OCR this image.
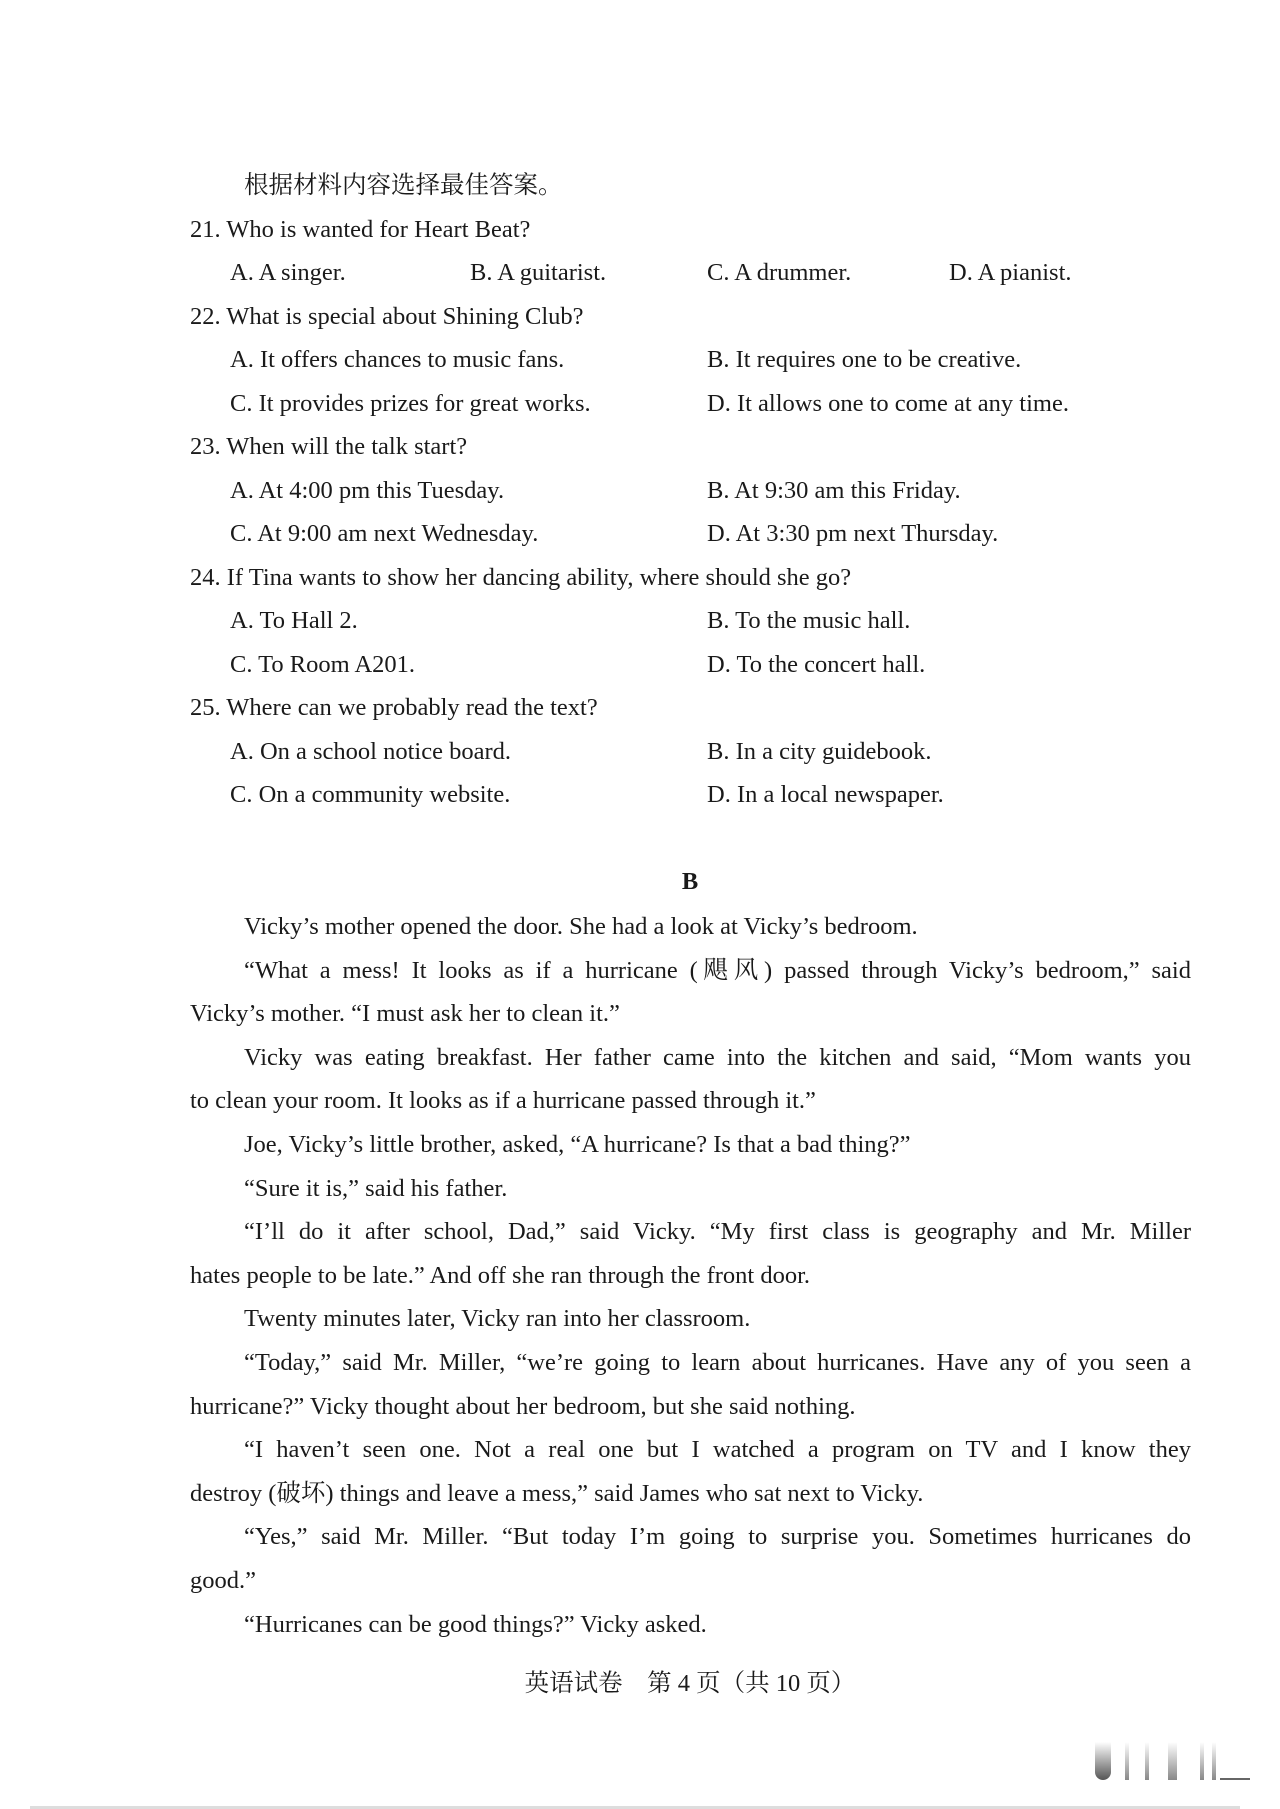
根据材料内容选择最佳答案。
21. Who is wanted for Heart Beat?
A. A singer.	B. A guitarist.	C. A drummer.	D. A pianist.
22. What is special about Shining Club?
A. It offers chances to music fans.	B. It requires one to be creative.
C. It provides prizes for great works.	D. It allows one to come at any time.
23. When will the talk start?
A. At 4:00 pm this Tuesday.	B. At 9:30 am this Friday.
C. At 9:00 am next Wednesday.	D. At 3:30 pm next Thursday.
24. If Tina wants to show her dancing ability, where should she go?
A. To Hall 2.	B. To the music hall.
C. To Room A201.	D. To the concert hall.
25. Where can we probably read the text?
A. On a school notice board.	B. In a city guidebook.
C. On a community website.	D. In a local newspaper.
B
Vicky’s mother opened the door. She had a look at Vicky’s bedroom.
“What a mess! It looks as if a hurricane (飓风) passed through Vicky’s bedroom,” said
Vicky’s mother. “I must ask her to clean it.”
Vicky was eating breakfast. Her father came into the kitchen and said, “Mom wants you
to clean your room. It looks as if a hurricane passed through it.”
Joe, Vicky’s little brother, asked, “A hurricane? Is that a bad thing?”
“Sure it is,” said his father.
“I’ll do it after school, Dad,” said Vicky. “My first class is geography and Mr. Miller
hates people to be late.” And off she ran through the front door.
Twenty minutes later, Vicky ran into her classroom.
“Today,” said Mr. Miller, “we’re going to learn about hurricanes. Have any of you seen a
hurricane?” Vicky thought about her bedroom, but she said nothing.
“I haven’t seen one. Not a real one but I watched a program on TV and I know they
destroy (破坏) things and leave a mess,” said James who sat next to Vicky.
“Yes,” said Mr. Miller. “But today I’m going to surprise you. Sometimes hurricanes do
good.”
“Hurricanes can be good things?” Vicky asked.
英语试卷　第 4 页（共 10 页）
